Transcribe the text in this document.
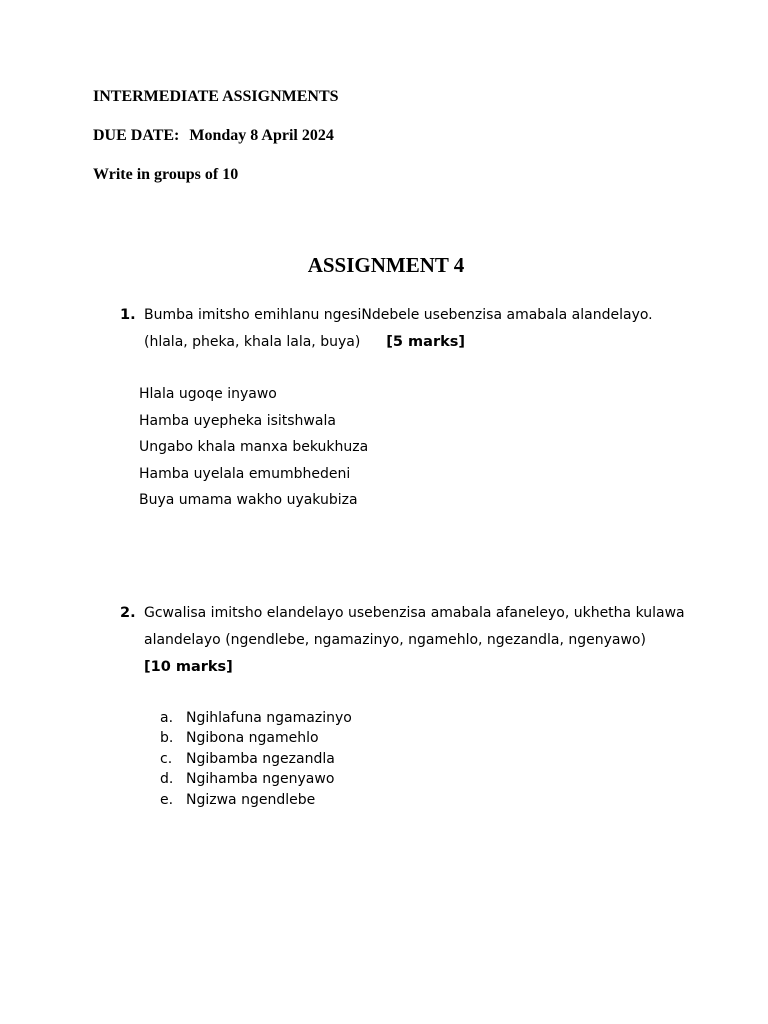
INTERMEDIATE ASSIGNMENTS
DUE DATE: Monday 8 April 2024
Write in groups of 10
ASSIGNMENT 4
1. Bumba imitsho emihlanu ngesiNdebele usebenzisa amabala alandelayo.
(hlala, pheka, khala lala, buya) [5 marks]
Hlala ugoqe inyawo
Hamba uyepheka isitshwala
Ungabo khala manxa bekukhuza
Hamba uyelala emumbhedeni
Buya umama wakho uyakubiza
2. Gcwalisa imitsho elandelayo usebenzisa amabala afaneleyo, ukhetha kulawa
alandelayo (ngendlebe, ngamazinyo, ngamehlo, ngezandla, ngenyawo)
[10 marks]
a. Ngihlafuna ngamazinyo
b. Ngibona ngamehlo
c. Ngibamba ngezandla
d. Ngihamba ngenyawo
e. Ngizwa ngendlebe
